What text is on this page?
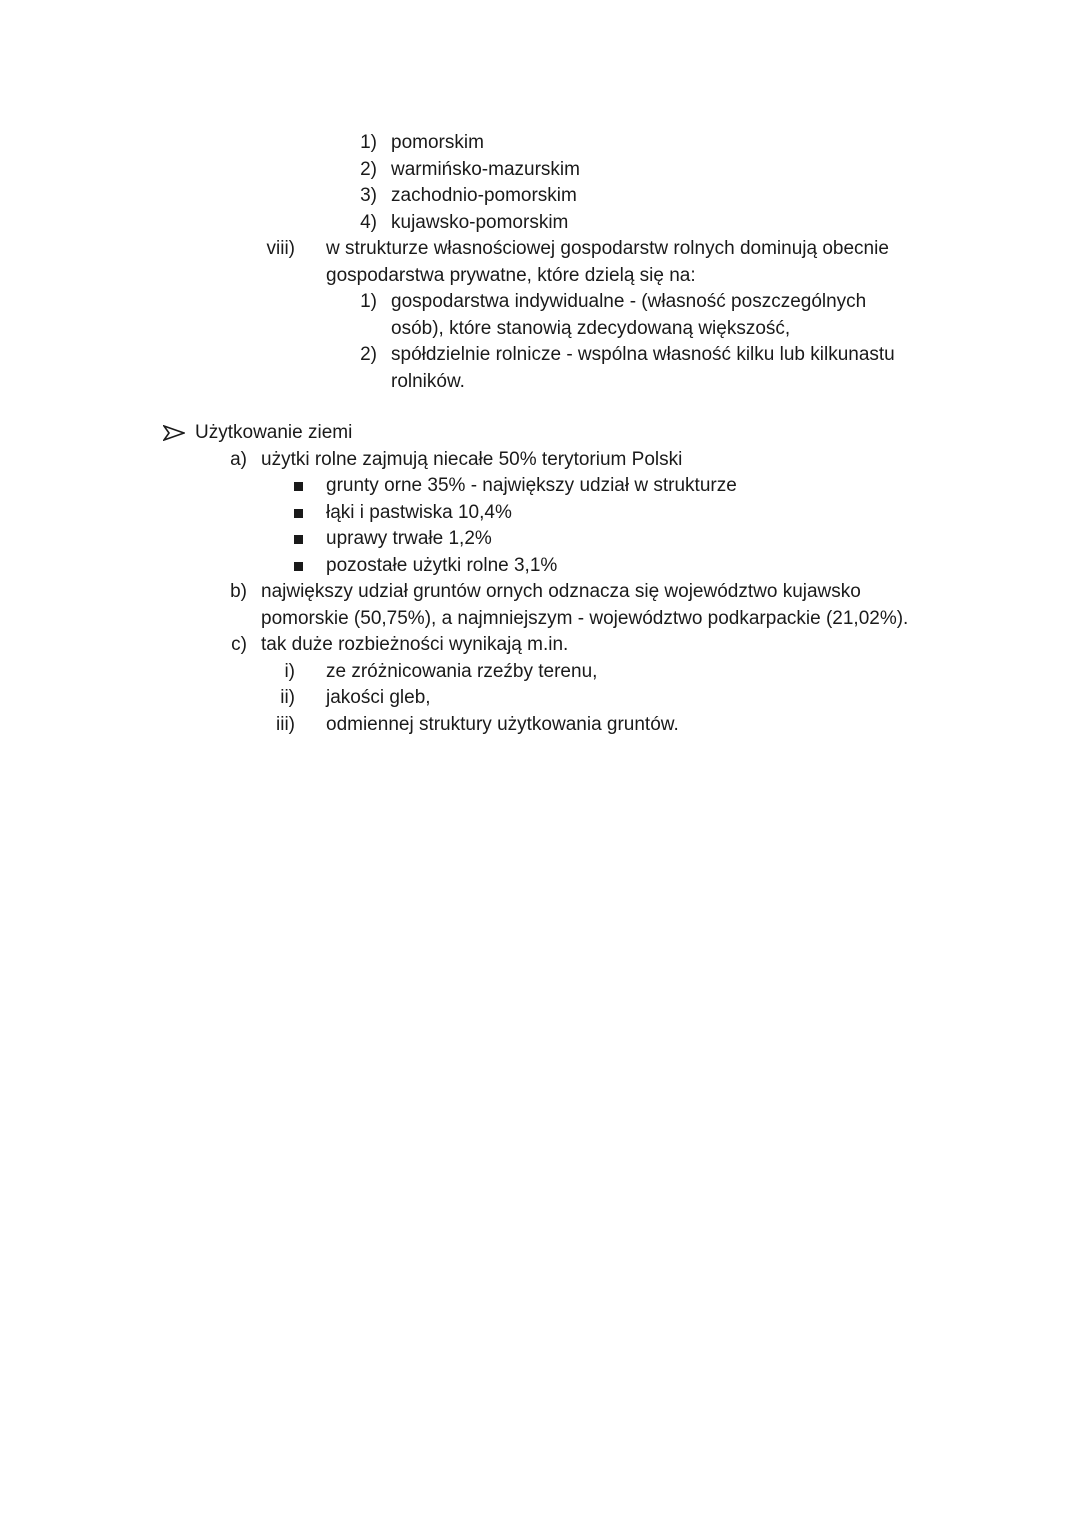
1) pomorskim
2) warmińsko-mazurskim
3) zachodnio-pomorskim
4) kujawsko-pomorskim
viii) w strukturze własnościowej gospodarstw rolnych dominują obecnie
gospodarstwa prywatne, które dzielą się na:
1) gospodarstwa indywidualne - (własność poszczególnych
osób), które stanowią zdecydowaną większość,
2) spółdzielnie rolnicze - wspólna własność kilku lub kilkunastu
rolników.
Użytkowanie ziemi
a) użytki rolne zajmują niecałe 50% terytorium Polski
grunty orne 35% - największy udział w strukturze
łąki i pastwiska 10,4%
uprawy trwałe 1,2%
pozostałe użytki rolne 3,1%
b) największy udział gruntów ornych odznacza się województwo kujawsko
pomorskie (50,75%), a najmniejszym - województwo podkarpackie (21,02%).
c) tak duże rozbieżności wynikają m.in.
i) ze zróżnicowania rzeźby terenu,
ii) jakości gleb,
iii) odmiennej struktury użytkowania gruntów.
